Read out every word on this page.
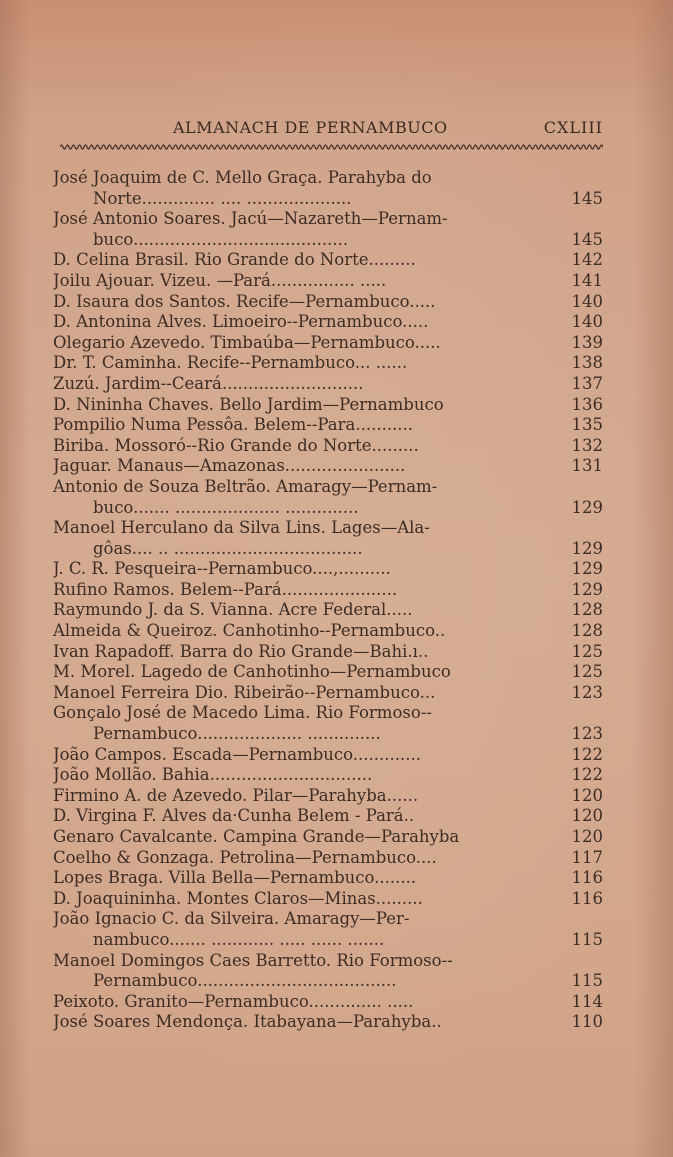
ALMANACH DE PERNAMBUCO	CXLIII
José Joaquim de C. Mello Graça. Parahyba do
Norte.............. .... ....................	145
José Antonio Soares. Jacú—Nazareth—Pernam-
buco.........................................	145
D. Celina Brasil. Rio Grande do Norte.........	142
Joilu Ajouar. Vizeu. —Pará................ .....	141
D. Isaura dos Santos. Recife—Pernambuco.....	140
D. Antonina Alves. Limoeiro--Pernambuco.....	140
Olegario Azevedo. Timbaúba—Pernambuco.....	139
Dr. T. Caminha. Recife--Pernambuco... ......	138
Zuzú. Jardim--Ceará...........................	137
D. Nininha Chaves. Bello Jardim—Pernambuco	136
Pompilio Numa Pessôa. Belem--Para...........	135
Biriba. Mossoró--Rio Grande do Norte.........	132
Jaguar. Manaus—Amazonas.......................	131
Antonio de Souza Beltrão. Amaragy—Pernam-
buco....... .................... ..............	129
Manoel Herculano da Silva Lins. Lages—Ala-
gôas.... .. ....................................	129
J. C. R. Pesqueira--Pernambuco....,..........	129
Rufino Ramos. Belem--Pará......................	129
Raymundo J. da S. Vianna. Acre Federal.....	128
Almeida & Queiroz. Canhotinho--Pernambuco..	128
Ivan Rapadoff. Barra do Rio Grande—Bahi.ı..	125
M. Morel. Lagedo de Canhotinho—Pernambuco	125
Manoel Ferreira Dio. Ribeirão--Pernambuco...	123
Gonçalo José de Macedo Lima. Rio Formoso--
Pernambuco.................... ..............	123
João Campos. Escada—Pernambuco.............	122
João Mollão. Bahia...............................	122
Firmino A. de Azevedo. Pilar—Parahyba......	120
D. Virgina F. Alves da·Cunha Belem - Pará..	120
Genaro Cavalcante. Campina Grande—Parahyba	120
Coelho & Gonzaga. Petrolina—Pernambuco....	117
Lopes Braga. Villa Bella—Pernambuco........	116
D. Joaquininha. Montes Claros—Minas.........	116
João Ignacio C. da Silveira. Amaragy—Per-
nambuco....... ............ ..... ...... .......	115
Manoel Domingos Caes Barretto. Rio Formoso--
Pernambuco......................................	115
Peixoto. Granito—Pernambuco.............. .....	114
José Soares Mendonça. Itabayana—Parahyba..	110
